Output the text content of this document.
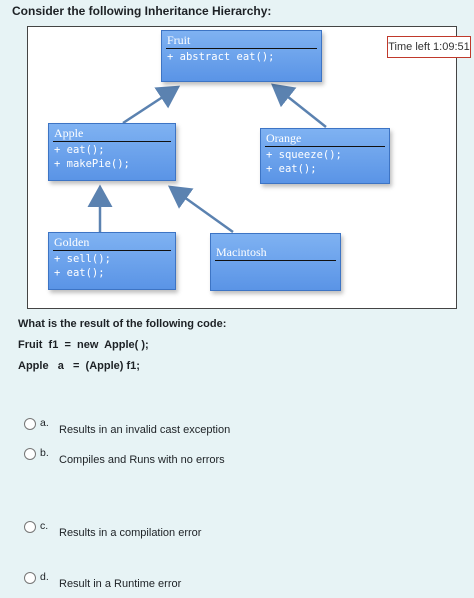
Consider the following Inheritance Hierarchy:
Fruit
+ abstract eat();
Apple
+ eat();
+ makePie();
Orange
+ squeeze();
+ eat();
Golden
+ sell();
+ eat();
Macintosh
Time left 1:09:51
What is the result of the following code:
Fruit  f1  =  new  Apple( );
Apple   a   =  (Apple) f1;
a.
Results in an invalid cast exception
b.
Compiles and Runs with no errors
c.
Results in a compilation error
d.
Result in a Runtime error
